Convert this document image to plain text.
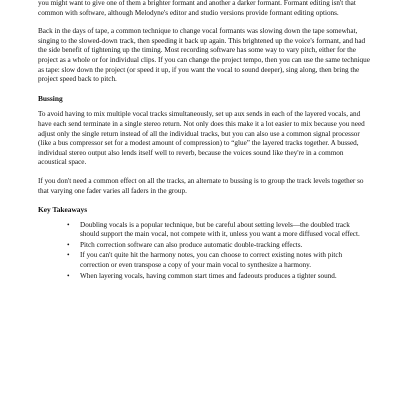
you might want to give one of them a brighter formant and another a darker formant. Formant editing isn't that common with software, although Melodyne's editor and studio versions provide formant editing options.

Back in the days of tape, a common technique to change vocal formants was slowing down the tape somewhat, singing to the slowed-down track, then speeding it back up again. This brightened up the voice's formant, and had the side benefit of tightening up the timing. Most recording software has some way to vary pitch, either for the project as a whole or for individual clips. If you can change the project tempo, then you can use the same technique as tape: slow down the project (or speed it up, if you want the vocal to sound deeper), sing along, then bring the project speed back to pitch.

Bussing

To avoid having to mix multiple vocal tracks simultaneously, set up aux sends in each of the layered vocals, and have each send terminate in a single stereo return. Not only does this make it a lot easier to mix because you need adjust only the single return instead of all the individual tracks, but you can also use a common signal processor (like a bus compressor set for a modest amount of compression) to “glue” the layered tracks together. A bussed, individual stereo output also lends itself well to reverb, because the voices sound like they're in a common acoustical space.

If you don't need a common effect on all the tracks, an alternate to bussing is to group the track levels together so that varying one fader varies all faders in the group.

Key Takeaways
• Doubling vocals is a popular technique, but be careful about setting levels—the doubled track should support the main vocal, not compete with it, unless you want a more diffused vocal effect.
• Pitch correction software can also produce automatic double-tracking effects.
• If you can't quite hit the harmony notes, you can choose to correct existing notes with pitch correction or even transpose a copy of your main vocal to synthesize a harmony.
• When layering vocals, having common start times and fadeouts produces a tighter sound.
